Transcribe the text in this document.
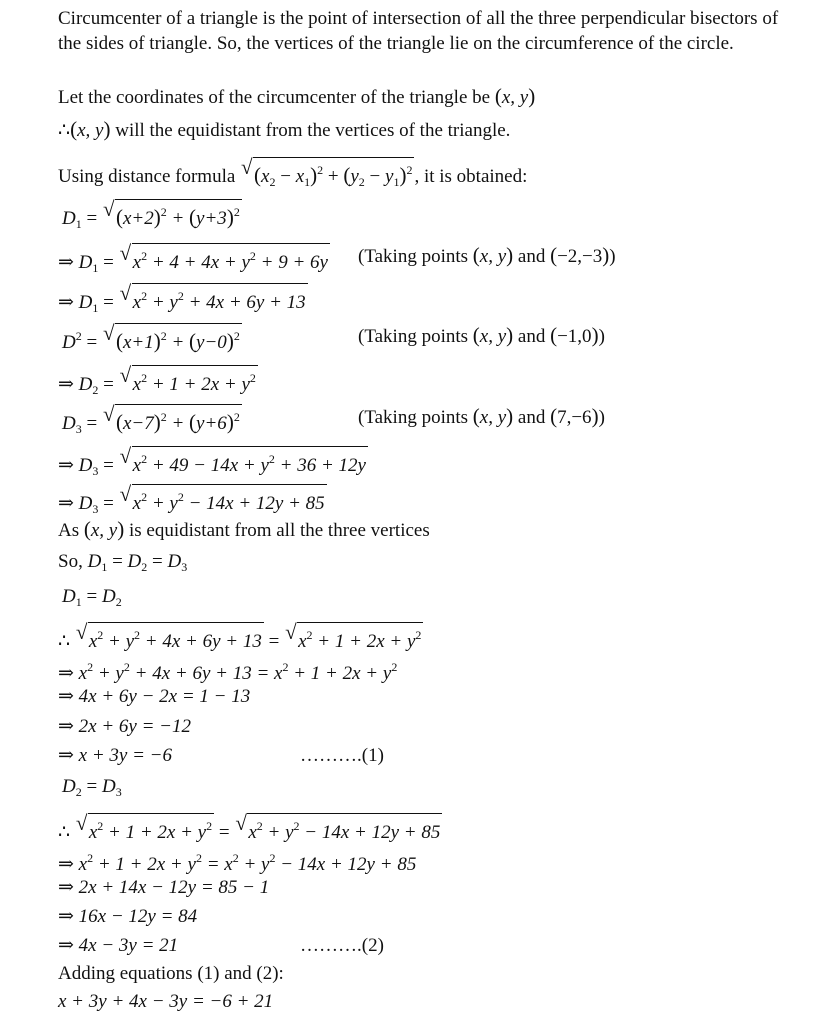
Circumcenter of a triangle is the point of intersection of all the three perpendicular bisectors of the sides of triangle. So, the vertices of the triangle lie on the circumference of the circle.
Let the coordinates of the circumcenter of the triangle be (x, y)
∴(x, y) will the equidistant from the vertices of the triangle.
Using distance formula √ $(x_2 - x_1)^2 + (y_2 - y_1)^2$ , it is obtained:
$D_1$ = √ $(x+2)^2 + (y+3)^2$
⇒ $D_1$ = √ $x^2 + 4 + 4x + y^2 + 9 + 6y$ (Taking points (x, y) and (−2,−3))
⇒ $D_1$ = √ $x^2 + y^2 + 4x + 6y + 13$
$D^2$ = √ $(x+1)^2 + (y-0)^2$	(Taking points (x, y) and (−1,0))
⇒ $D_2$ = √ $x^2 + 1 + 2x + y^2$
$D_3$ = √ $(x-7)^2 + (y+6)^2$	(Taking points (x, y) and (7,−6))
⇒ $D_3$ = √ $x^2 + 49 - 14x + y^2 + 36 + 12y$
⇒ $D_3$ = √ $x^2 + y^2 - 14x + 12y + 85$
As (x, y) is equidistant from all the three vertices
So, $D_1 = D_2 = D_3$
$D_1 = D_2$
∴ √ $x^2 + y^2 + 4x + 6y + 13$ = √ $x^2 + 1 + 2x + y^2$
⇒ $x^2 + y^2 + 4x + 6y + 13 = x^2 + 1 + 2x + y^2$
⇒ 4x + 6y − 2x = 1 − 13
⇒ 2x + 6y = −12
⇒ x + 3y = −6	……….(1)
$D_2 = D_3$
∴ √ $x^2 + 1 + 2x + y^2$ = √ $x^2 + y^2 - 14x + 12y + 85$
⇒ $x^2 + 1 + 2x + y^2 = x^2 + y^2 - 14x + 12y + 85$
⇒ 2x + 14x − 12y = 85 − 1
⇒ 16x − 12y = 84
⇒ 4x − 3y = 21	……….(2)
Adding equations (1) and (2):
x + 3y + 4x − 3y = −6 + 21
